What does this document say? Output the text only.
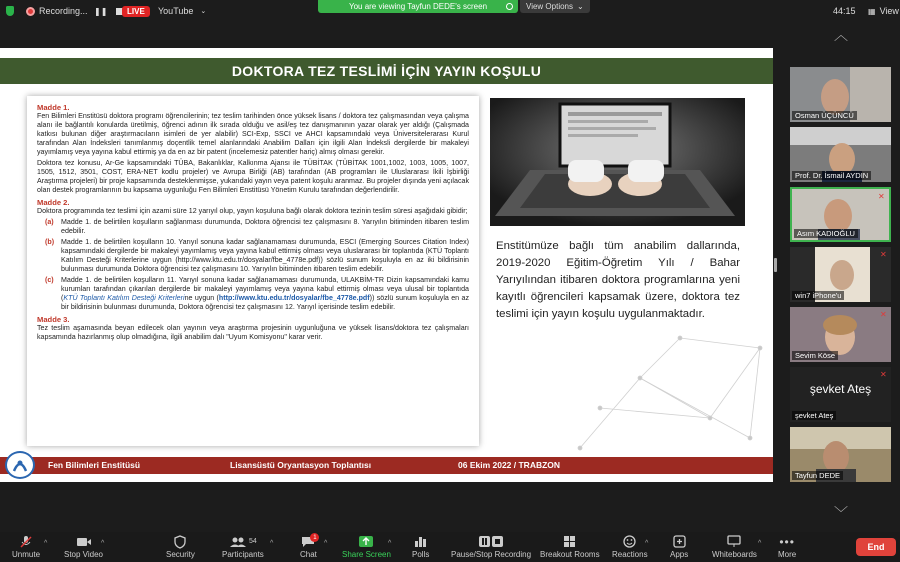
Recording... ❚❚	LIVE	YouTube ⌄	44:15 ▦ View
You are viewing Tayfun DEDE's screen	View Options ⌄
DOKTORA TEZ TESLİMİ İÇİN YAYIN KOŞULU
Madde 1.

Fen Bilimleri Enstitüsü doktora programı öğrencilerinin; tez teslim tarihinden önce yüksek lisans / doktora tez çalışmasından veya çalışma alanı ile bağlantılı konularda üretilmiş, öğrenci adının ilk sırada olduğu ve asil/eş tez danışmanının yazar olarak yer aldığı (Çalışmada katkısı bulunan diğer araştırmacıların isimleri de yer alabilir) SCI-Exp, SSCI ve AHCI kapsamındaki veya Üniversitelerarası Kurul tarafından Alan İndeksleri tanımlanmış doçentlik temel alanlarındaki Anabilim Dalları için ilgili Alan İndeksli dergilerde bir makaleyi yayımlamış veya yayına kabul ettirmiş ya da en az bir patent (incelemesiz patentler hariç) almış olması gerekir.

Doktora tez konusu, Ar-Ge kapsamındaki TÜBA, Bakanlıklar, Kalkınma Ajansı ile TÜBİTAK (TÜBİTAK 1001,1002, 1003, 1005, 1007, 1505, 1512, 3501, COST, ERA-NET kodlu projeler) ve Avrupa Birliği (AB) tarafından (AB programları ile Uluslararası İkili İşbirliği Araştırma projeleri) bir proje kapsamında desteklenmişse, yukarıdaki yayın veya patent koşulu aranmaz. Bu projeler dışında yeni açılacak olan destek programlarının bu kapsama uygunluğu Fen Bilimleri Enstitüsü Yönetim Kurulu tarafından değerlendirilir.

Madde 2.

Doktora programında tez teslimi için azami süre 12 yarıyıl olup, yayın koşuluna bağlı olarak doktora tezinin teslim süresi aşağıdaki gibidir;

(a) Madde 1. de belirtilen koşulların sağlanması durumunda, Doktora öğrencisi tez çalışmasını 8. Yarıyılın bitiminden itibaren teslim edebilir.
(b) Madde 1. de belirtilen koşulların 10. Yarıyıl sonuna kadar sağlanamaması durumunda, ESCI (Emerging Sources Citation Index) kapsamındaki dergilerde bir makaleyi yayımlamış veya yayına kabul ettirmiş olması veya uluslararası bir toplantıda (KTÜ Toplantı Katılım Desteği Kriterlerine uygun (http://www.ktu.edu.tr/dosyalar/fbe_4778e.pdf)) sözlü sunum koşuluyla en az iki bildirisinin bulunması durumunda Doktora öğrencisi tez çalışmasını 10. Yarıyılın bitiminden itibaren teslim edebilir.
(c) Madde 1. de belirtilen koşulların 11. Yarıyıl sonuna kadar sağlanamaması durumunda, ULAKBİM-TR Dizin kapsamındaki kamu kurumları tarafından çıkarılan dergilerde bir makaleyi yayımlamış veya yayına kabul ettirmiş olması veya ulusal bir toplantıda (KTÜ Toplantı Katılım Desteği Kriterlerine uygun (http://www.ktu.edu.tr/dosyalar/fbe_4778e.pdf)) sözlü sunum koşuluyla en az bir bildirisinin bulunması durumunda, Doktora öğrencisi tez çalışmasını 12. Yarıyıl içerisinde teslim edebilir.
Madde 3.

Tez teslim aşamasında beyan edilecek olan yayının veya araştırma projesinin uygunluğuna ve yüksek lisans/doktora tez çalışmaları kapsamında hazırlanmış olup olmadığına, ilgili anabilim dalı "Uyum Komisyonu" karar verir.

Enstitümüze bağlı tüm anabilim dallarında, 2019-2020 Eğitim-Öğretim Yılı / Bahar Yarıyılından itibaren doktora programlarına yeni kayıtlı öğrencileri kapsamak üzere, doktora tez teslimi için yayın koşulu uygulanmaktadır.
Fen Bilimleri Enstitüsü	Lisansüstü Oryantasyon Toplantısı	06 Ekim 2022 / TRABZON
︿
Osman ÜÇÜNCÜ
Prof. Dr. İsmail AYDIN
Asım KADIOĞLU
✕
win7 iPhone'u
✕
Sevim Köse
✕
şevket Ateş
şevket Ateş
✕
Tayfun DEDE
﹀
Unmute
^
Stop Video
^
Security
54
Participants
^
1
Chat
^
Share Screen
^
Polls	Pause/Stop Recording Breakout Rooms Reactions
^
Apps	Whiteboards
^ •••
More
End
